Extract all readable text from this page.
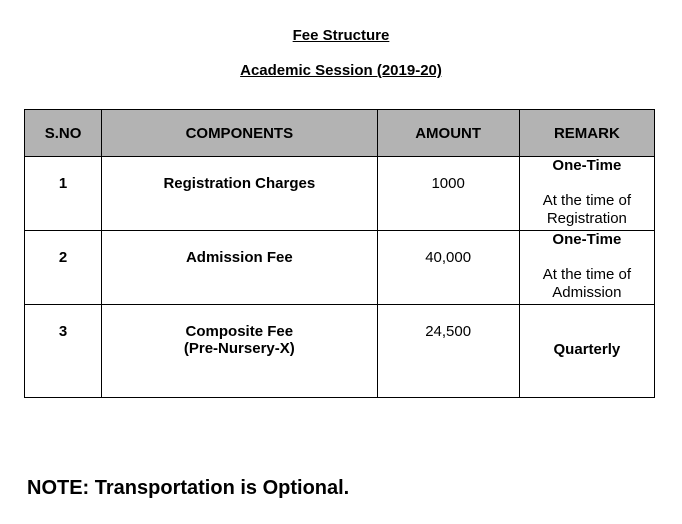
Fee Structure
Academic Session (2019-20)
S.NO	COMPONENTS	AMOUNT	REMARK

1	Registration Charges	1000	One-Time
At the time of
Registration

2	Admission Fee	40,000	One-Time
At the time of
Admission

3	Composite Fee
(Pre-Nursery-X)	24,500	Quarterly
NOTE: Transportation is Optional.
